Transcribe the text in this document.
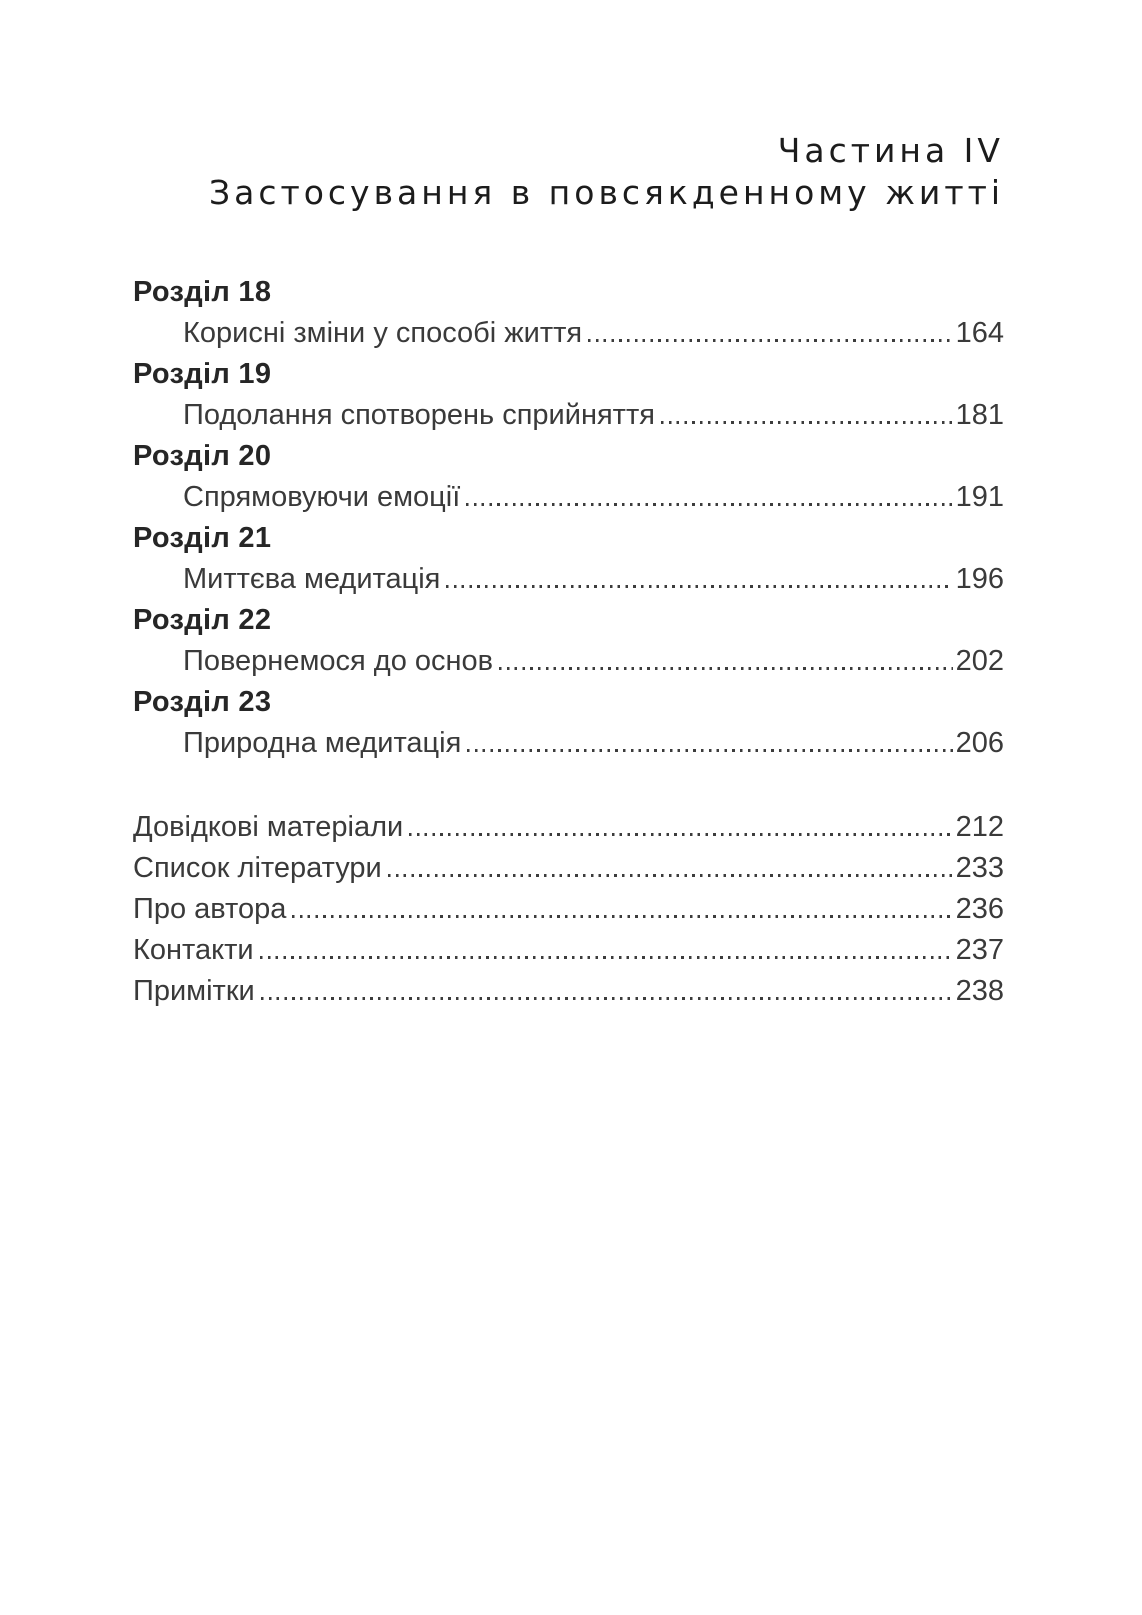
Частина IV
Застосування в повсякденному житті
Розділ 18
Корисні зміни у способі життя	164
Розділ 19
Подолання спотворень сприйняття	181
Розділ 20
Спрямовуючи емоції	191
Розділ 21
Миттєва медитація	196
Розділ 22
Повернемося до основ	202
Розділ 23
Природна медитація	206
Довідкові матеріали	212
Список літератури	233
Про автора	236
Контакти	237
Примітки	238
